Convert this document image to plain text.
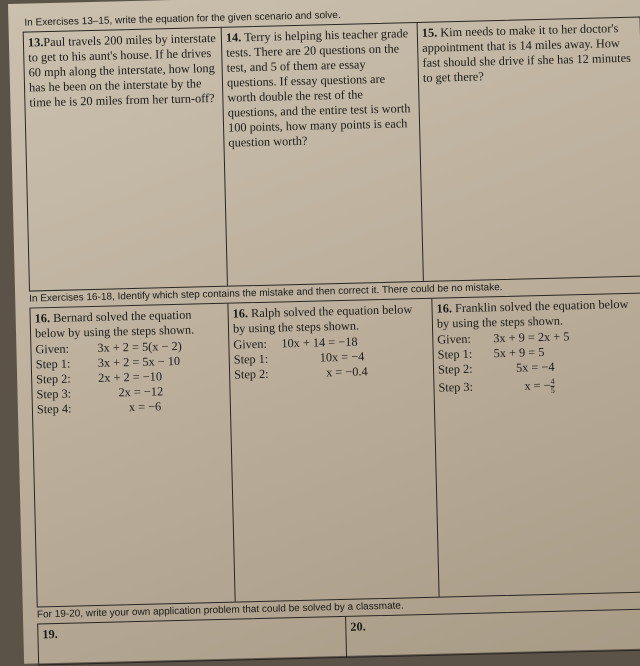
In Exercises 13–15, write the equation for the given scenario and solve.

13.Paul travels 200 miles by interstate to get to his aunt's house. If he drives 60 mph along the interstate, how long has he been on the interstate by the time he is 20 miles from her turn-off?

14. Terry is helping his teacher grade tests. There are 20 questions on the test, and 5 of them are essay questions. If essay questions are worth double the rest of the questions, and the entire test is worth 100 points, how many points is each question worth?

15. Kim needs to make it to her doctor's appointment that is 14 miles away. How fast should she drive if she has 12 minutes to get there?

In Exercises 16-18, Identify which step contains the mistake and then correct it. There could be no mistake.

16. Bernard solved the equation below by using the steps shown.

Given:	3x + 2 = 5(x − 2)
Step 1:	3x + 2 = 5x − 10
Step 2:	2x + 2 = −10
Step 3:	2x = −12
Step 4:	x = −6

16. Ralph solved the equation below by using the steps shown.

Given:	10x + 14 = −18
Step 1:	10x = −4
Step 2:	x = −0.4

16. Franklin solved the equation below by using the steps shown.

Given:	3x + 9 = 2x + 5
Step 1:	5x + 9 = 5
Step 2:	5x = −4
Step 3:	x = − $\frac{4}{5}$
For 19-20, write your own application problem that could be solved by a classmate.
19.
20.
